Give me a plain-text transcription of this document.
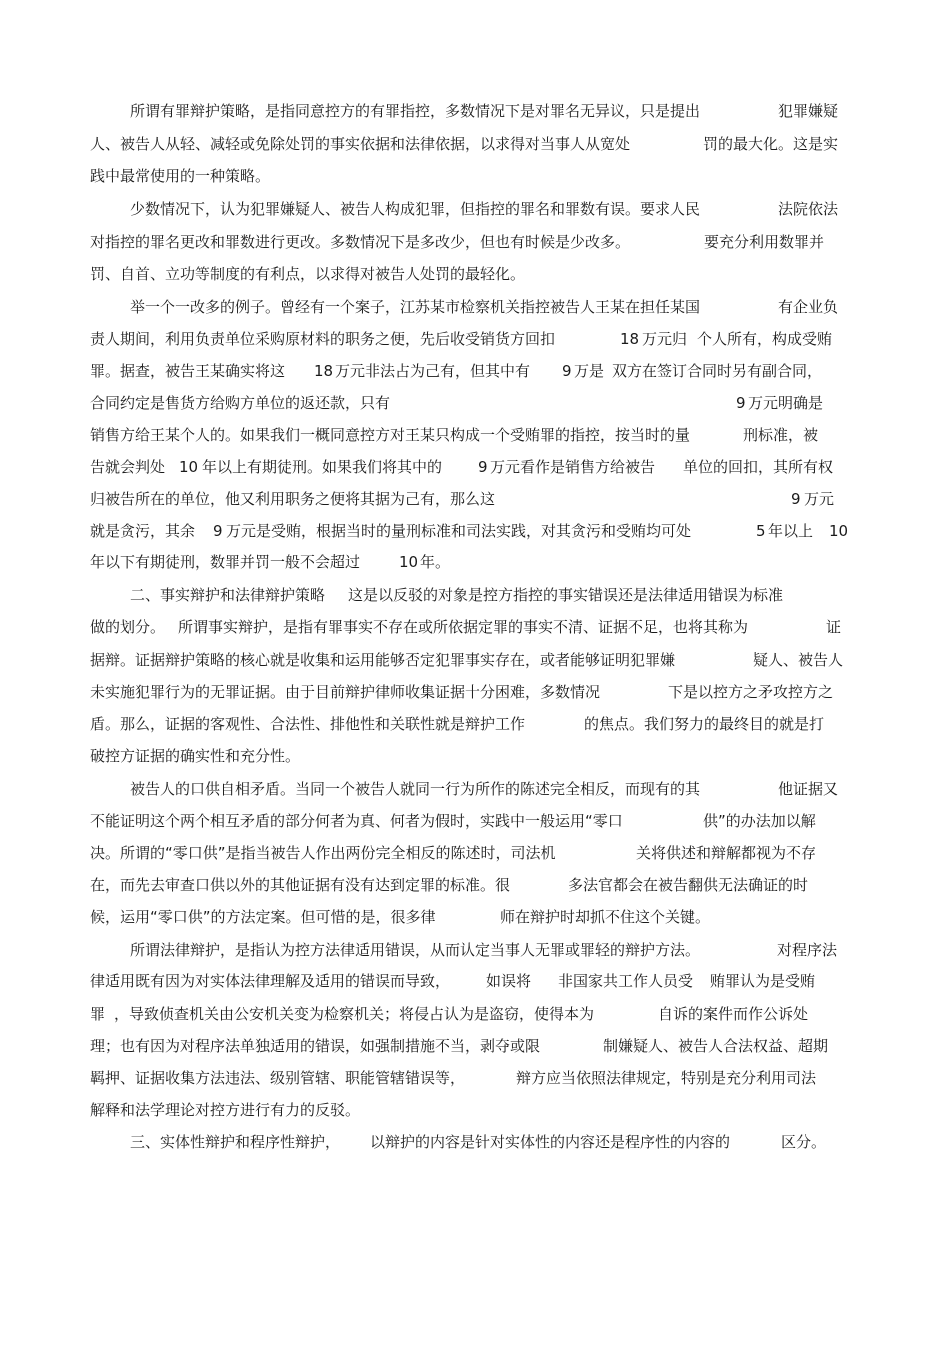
所谓有罪辩护策略，是指同意控方的有罪指控，多数情况下是对罪名无异议，只是提出	犯罪嫌疑
人、被告人从轻、减轻或免除处罚的事实依据和法律依据，以求得对当事人从宽处	罚的最大化。这是实
践中最常使用的一种策略。
少数情况下，认为犯罪嫌疑人、被告人构成犯罪，但指控的罪名和罪数有误。要求人民	法院依法
对指控的罪名更改和罪数进行更改。多数情况下是多改少，但也有时候是少改多。	要充分利用数罪并
罚、自首、立功等制度的有利点，以求得对被告人处罚的最轻化。
举一个一改多的例子。曾经有一个案子，江苏某市检察机关指控被告人王某在担任某国	有企业负
责人期间，利用负责单位采购原材料的职务之便，先后收受销货方回扣	18 万元归 个人所有，构成受贿
罪。据查，被告王某确实将这 18 万元非法占为己有，但其中有 9 万是 双方在签订合同时另有副合同，
合同约定是售货方给购方单位的返还款，只有	9 万元明确是
销售方给王某个人的。如果我们一概同意控方对王某只构成一个受贿罪的指控，按当时的量	刑标准，被
告就会判处 10 年以上有期徒刑。如果我们将其中的 9 万元看作是销售方给被告 单位的回扣，其所有权
归被告所在的单位，他又利用职务之便将其据为己有，那么这	9 万元
就是贪污，其余 9 万元是受贿，根据当时的量刑标准和司法实践，对其贪污和受贿均可处	5 年以上 10
年以下有期徒刑，数罪并罚一般不会超过	10 年。
二、事实辩护和法律辩护策略 这是以反驳的对象是控方指控的事实错误还是法律适用错误为标准
做的划分。 所谓事实辩护，是指有罪事实不存在或所依据定罪的事实不清、证据不足，也将其称为	证
据辩。证据辩护策略的核心就是收集和运用能够否定犯罪事实存在，或者能够证明犯罪嫌	疑人、被告人
未实施犯罪行为的无罪证据。由于目前辩护律师收集证据十分困难，多数情况	下是以控方之矛攻控方之
盾。那么，证据的客观性、合法性、排他性和关联性就是辩护工作	的焦点。我们努力的最终目的就是打
破控方证据的确实性和充分性。
被告人的口供自相矛盾。当同一个被告人就同一行为所作的陈述完全相反，而现有的其	他证据又
不能证明这个两个相互矛盾的部分何者为真、何者为假时，实践中一般运用“零口	供”的办法加以解
决。所谓的“零口供”是指当被告人作出两份完全相反的陈述时，司法机	关将供述和辩解都视为不存
在，而先去审查口供以外的其他证据有没有达到定罪的标准。很	多法官都会在被告翻供无法确证的时
候，运用“零口供”的方法定案。但可惜的是，很多律	师在辩护时却抓不住这个关键。
所谓法律辩护，是指认为控方法律适用错误，从而认定当事人无罪或罪轻的辩护方法。	对程序法
律适用既有因为对实体法律理解及适用的错误而导致， 如误将 非国家共工作人员受 贿罪认为是受贿
罪 ，导致侦查机关由公安机关变为检察机关；将侵占认为是盗窃，使得本为	自诉的案件而作公诉处
理；也有因为对程序法单独适用的错误，如强制措施不当，剥夺或限	制嫌疑人、被告人合法权益、超期
羁押、证据收集方法违法、级别管辖、职能管辖错误等，	辩方应当依照法律规定，特别是充分利用司法
解释和法学理论对控方进行有力的反驳。
三、实体性辩护和程序性辩护， 以辩护的内容是针对实体性的内容还是程序性的内容的	区分。
